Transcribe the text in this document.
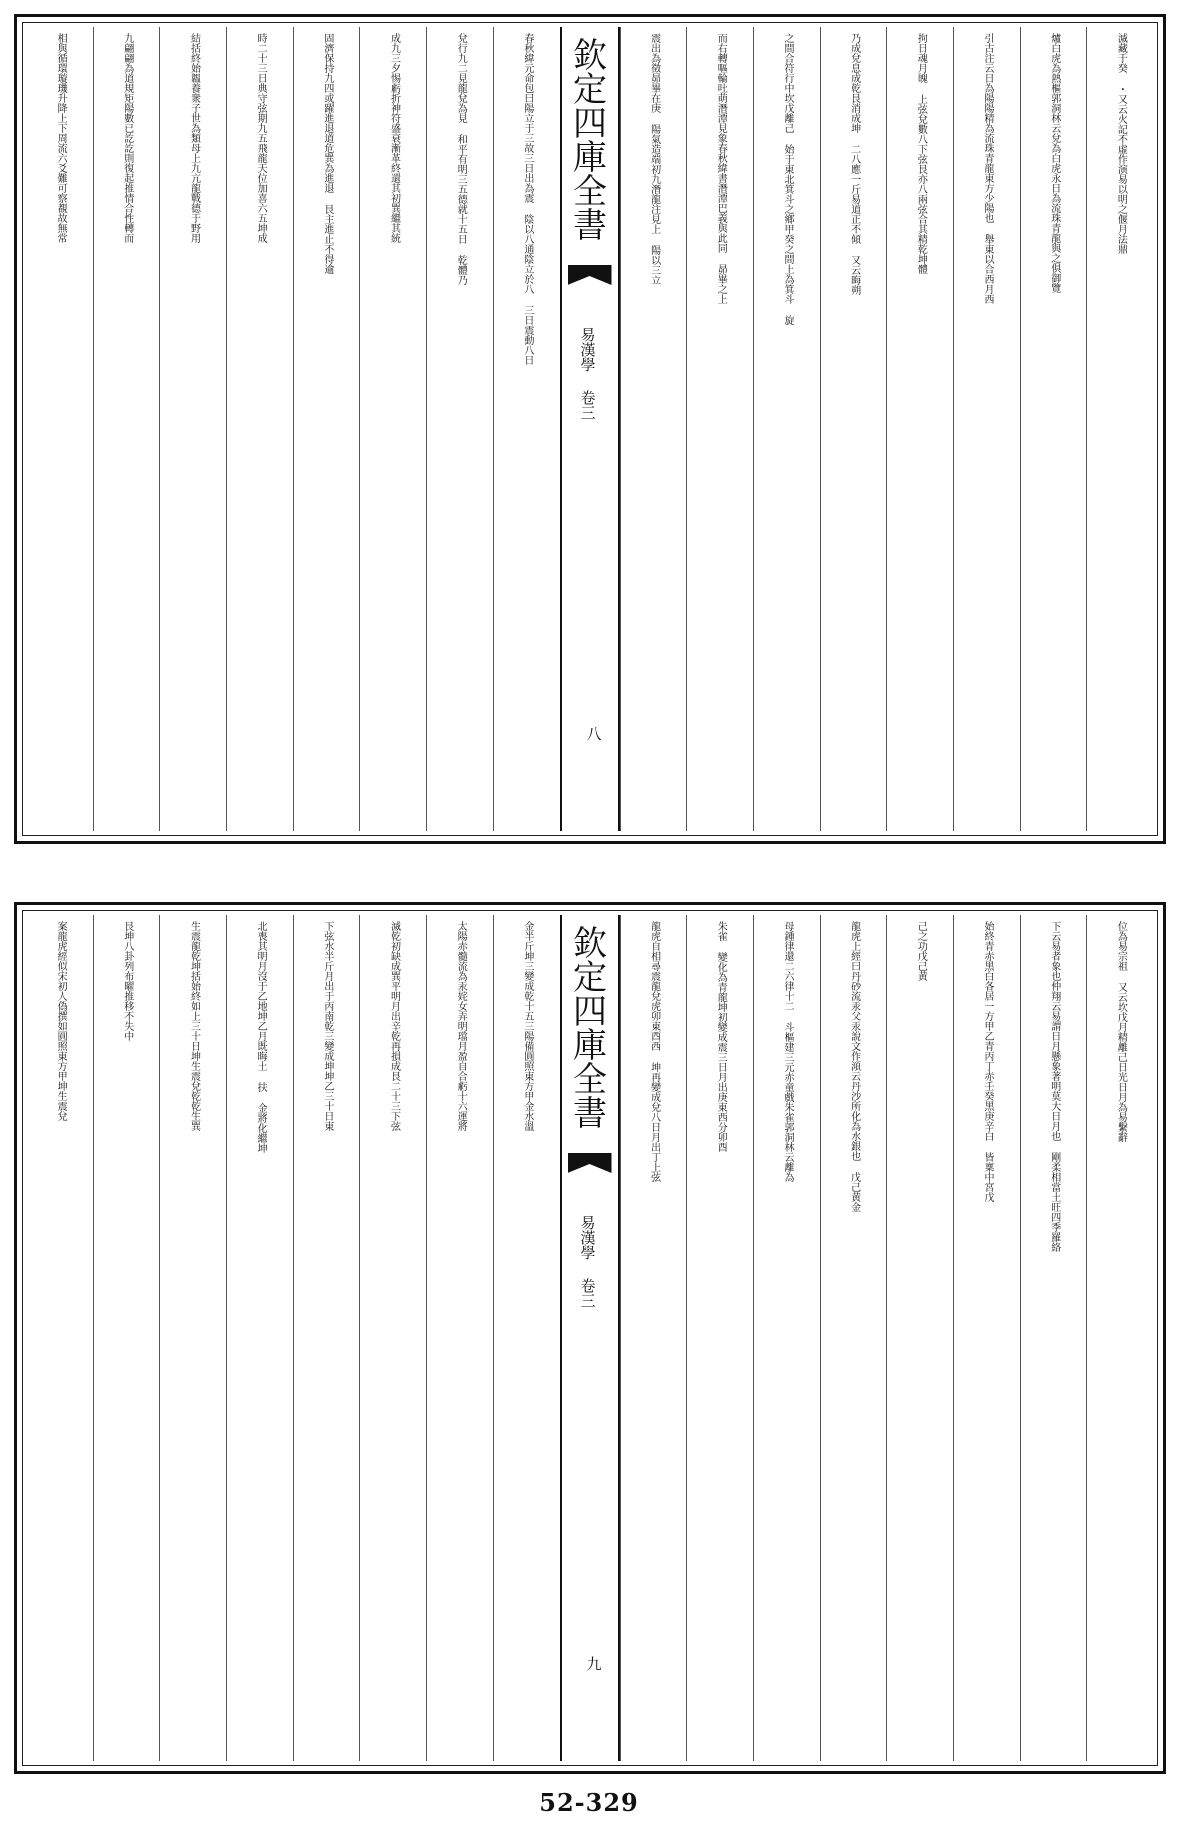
滅藏于癸 ・又云火記不虛作演易以明之偃月法鼎
爐白虎為熱樞郭洞林云兌為白虎永日為流珠青龍與之俱御覽
引古注云日為陽陽精為流珠青龍東方少陽也 舉東以合西月西
拘日魂月魄 上弦兌數八下弦艮亦八兩弦合其精乾坤體
乃成兌息成乾艮消成坤 二八應一斤易道正不傾 又云晦朔
之間合符行中坎戊離己 始于東北箕斗之鄉甲癸之間上為箕斗 旋
而右轉嘔輪吐萌潛潭見象春秋緯書潛潭巴義與此同 昴畢之上
震出為徵昴畢在庚 陽氣造端初九潛龍注見上 陽以三立
欽定四庫全書
易漢學 卷三
八
春秋緯元命包曰陽立于三故三日出為震 陰以八通陰立於八 三日震動八日
兌行九二見龍兌為見 和平有明三五德就十五日 乾體乃
成九三夕惕虧折神符盛衰漸革終還其初巽繼其統
固濟保持九四或躍進退道危巽為進退 艮主進止不得逾
時二十三日典守弦期九五飛龍天位加喜六五坤成
結括終始韞養衆子世為類母上九亢龍戰德于野用
九翩翩為道規矩陽數已訖訖則復起推情合性轉而
相與循環璇璣升降上下周流六爻難可察覩故無常
位為易宗祖 又云坎戊月精離己日光日月為易繫辭
下云易者象也仲翔云易謂日月懸象著明莫大日月也 剛柔相當土旺四季羅絡
始終青赤黑白各居一方甲乙青丙丁赤壬癸黑庚辛白 皆稟中宮戊
己之功戊己黄
龍虎上經曰丹砂流汞父汞說文作澒云丹沙所化為水銀也 戊己黄金
母鍾律還二六律十二 斗樞建三元赤童戲朱雀郭洞林云離為
朱雀 變化為青龍坤初變成震三日月出庚東西分卯酉
龍虎自相尋震龍兌虎卯東酉西 坤再變成兌八日月出丁上弦
欽定四庫全書
易漢學 卷三
九
金半斤坤三變成乾十五三陽備圓照東方甲金水溫
太陽赤髓流為汞姹女弄明璫月盈自合虧十六運將
滅乾初缺成巽平明月出辛乾再損成艮二十三下弦
下弦水半斤月出于丙南乾三變成坤坤乙三十日東
北喪其明月沒于乙地坤乙月既晦土 扶 金將化繼坤
生震龍乾坤括始終如上三十日坤生震兌乾乾生巽
艮坤八卦列布曜推移不失中
案龍虎經似宋初人偽撰如圓照東方甲坤生震兌
52-329
